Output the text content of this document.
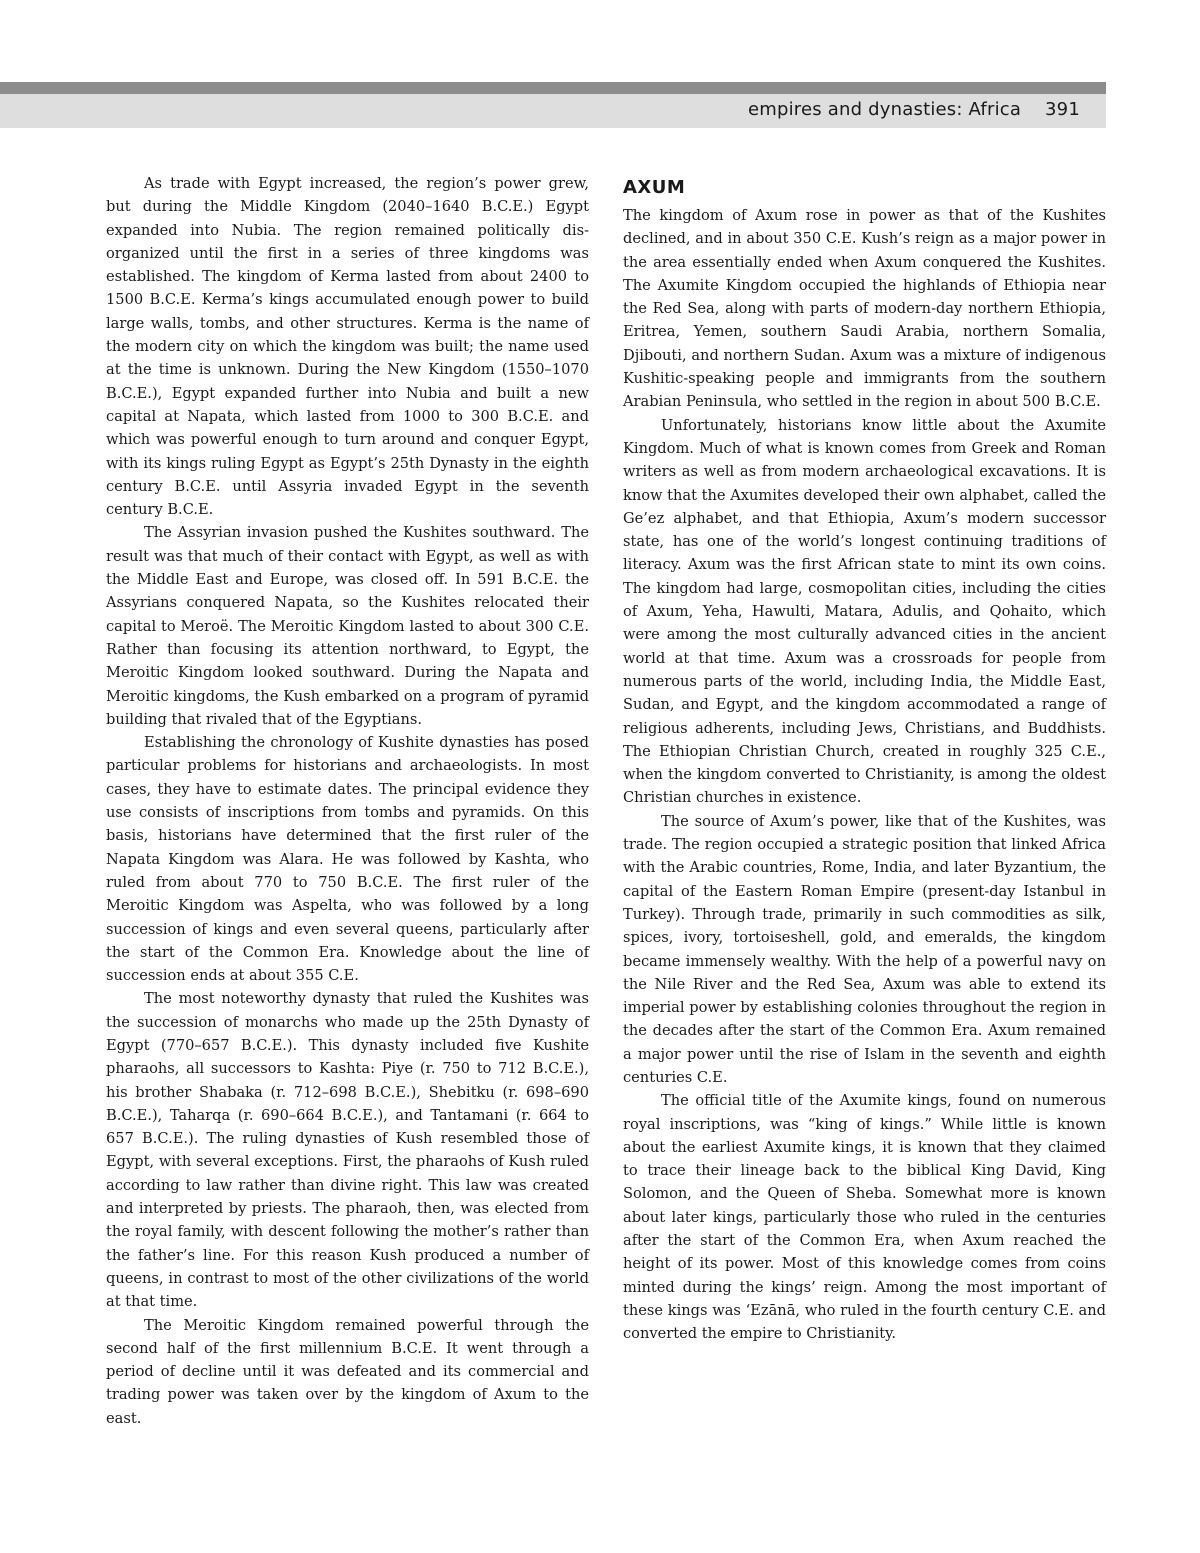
empires and dynasties: Africa 391

As trade with Egypt increased, the region’s power grew, but during the Middle Kingdom (2040–1640 B.C.E.) Egypt expanded into Nubia. The region remained politically disorganized until the first in a series of three kingdoms was established. The kingdom of Kerma lasted from about 2400 to 1500 B.C.E. Kerma’s kings accumulated enough power to build large walls, tombs, and other structures. Kerma is the name of the modern city on which the kingdom was built; the name used at the time is unknown. During the New Kingdom (1550–1070 B.C.E.), Egypt expanded further into Nubia and built a new capital at Napata, which lasted from 1000 to 300 B.C.E. and which was powerful enough to turn around and conquer Egypt, with its kings ruling Egypt as Egypt’s 25th Dynasty in the eighth century B.C.E. until Assyria invaded Egypt in the seventh century B.C.E.

The Assyrian invasion pushed the Kushites southward. The result was that much of their contact with Egypt, as well as with the Middle East and Europe, was closed off. In 591 B.C.E. the Assyrians conquered Napata, so the Kushites relocated their capital to Meroë. The Meroitic Kingdom lasted to about 300 C.E. Rather than focusing its attention northward, to Egypt, the Meroitic Kingdom looked southward. During the Napata and Meroitic kingdoms, the Kush embarked on a program of pyramid building that rivaled that of the Egyptians.

Establishing the chronology of Kushite dynasties has posed particular problems for historians and archaeologists. In most cases, they have to estimate dates. The principal evidence they use consists of inscriptions from tombs and pyramids. On this basis, historians have determined that the first ruler of the Napata Kingdom was Alara. He was followed by Kashta, who ruled from about 770 to 750 B.C.E. The first ruler of the Meroitic Kingdom was Aspelta, who was followed by a long succession of kings and even several queens, particularly after the start of the Common Era. Knowledge about the line of succession ends at about 355 C.E.

The most noteworthy dynasty that ruled the Kushites was the succession of monarchs who made up the 25th Dynasty of Egypt (770–657 B.C.E.). This dynasty included five Kushite pharaohs, all successors to Kashta: Piye (r. 750 to 712 B.C.E.), his brother Shabaka (r. 712–698 B.C.E.), Shebitku (r. 698–690 B.C.E.), Taharqa (r. 690–664 B.C.E.), and Tantamani (r. 664 to 657 B.C.E.). The ruling dynasties of Kush resembled those of Egypt, with several exceptions. First, the pharaohs of Kush ruled according to law rather than divine right. This law was created and interpreted by priests. The pharaoh, then, was elected from the royal family, with descent following the mother’s rather than the father’s line. For this reason Kush produced a number of queens, in contrast to most of the other civilizations of the world at that time.

The Meroitic Kingdom remained powerful through the second half of the first millennium B.C.E. It went through a period of decline until it was defeated and its commercial and trading power was taken over by the kingdom of Axum to the east.

AXUM

The kingdom of Axum rose in power as that of the Kushites declined, and in about 350 C.E. Kush’s reign as a major power in the area essentially ended when Axum conquered the Kushites. The Axumite Kingdom occupied the highlands of Ethiopia near the Red Sea, along with parts of modern-day northern Ethiopia, Eritrea, Yemen, southern Saudi Arabia, northern Somalia, Djibouti, and northern Sudan. Axum was a mixture of indigenous Kushitic-speaking people and immigrants from the southern Arabian Peninsula, who settled in the region in about 500 B.C.E.

Unfortunately, historians know little about the Axumite Kingdom. Much of what is known comes from Greek and Roman writers as well as from modern archaeological excavations. It is know that the Axumites developed their own alphabet, called the Ge’ez alphabet, and that Ethiopia, Axum’s modern successor state, has one of the world’s longest continuing traditions of literacy. Axum was the first African state to mint its own coins. The kingdom had large, cosmopolitan cities, including the cities of Axum, Yeha, Hawulti, Matara, Adulis, and Qohaito, which were among the most culturally advanced cities in the ancient world at that time. Axum was a crossroads for people from numerous parts of the world, including India, the Middle East, Sudan, and Egypt, and the kingdom accommodated a range of religious adherents, including Jews, Christians, and Buddhists. The Ethiopian Christian Church, created in roughly 325 C.E., when the kingdom converted to Christianity, is among the oldest Christian churches in existence.

The source of Axum’s power, like that of the Kushites, was trade. The region occupied a strategic position that linked Africa with the Arabic countries, Rome, India, and later Byzantium, the capital of the Eastern Roman Empire (present-day Istanbul in Turkey). Through trade, primarily in such commodities as silk, spices, ivory, tortoiseshell, gold, and emeralds, the kingdom became immensely wealthy. With the help of a powerful navy on the Nile River and the Red Sea, Axum was able to extend its imperial power by establishing colonies throughout the region in the decades after the start of the Common Era. Axum remained a major power until the rise of Islam in the seventh and eighth centuries C.E.

The official title of the Axumite kings, found on numerous royal inscriptions, was “king of kings.” While little is known about the earliest Axumite kings, it is known that they claimed to trace their lineage back to the biblical King David, King Solomon, and the Queen of Sheba. Somewhat more is known about later kings, particularly those who ruled in the centuries after the start of the Common Era, when Axum reached the height of its power. Most of this knowledge comes from coins minted during the kings’ reign. Among the most important of these kings was ‘Ezānā, who ruled in the fourth century C.E. and converted the empire to Christianity.
